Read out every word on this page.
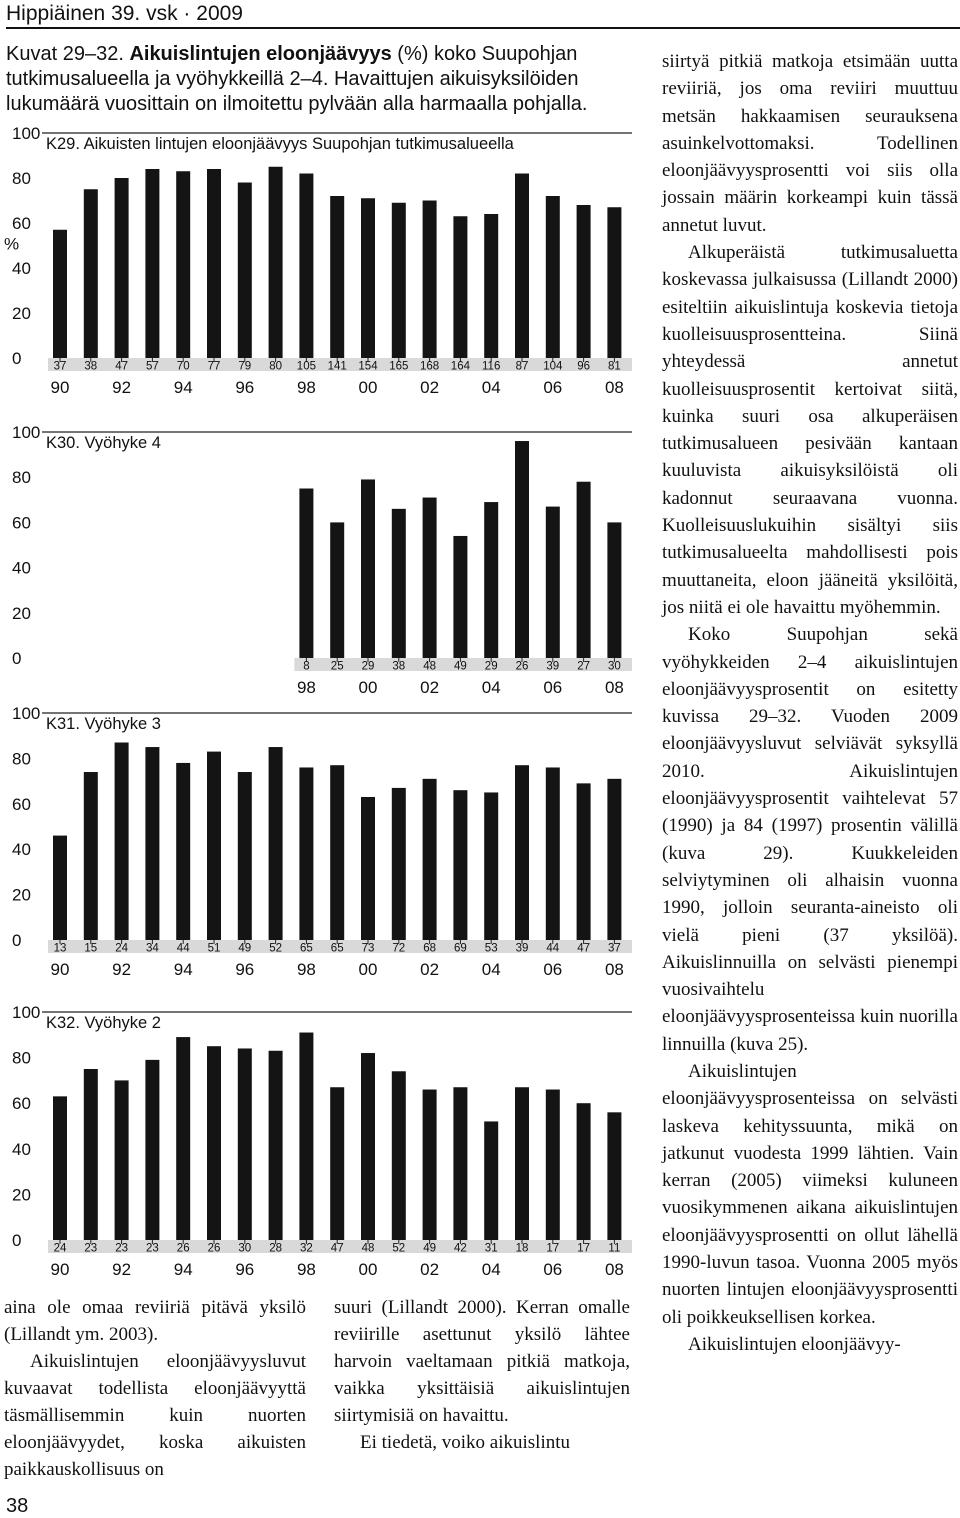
Hippiäinen 39. vsk · 2009
Kuvat 29–32. Aikuislintujen eloonjäävyys (%) koko Suupohjan tutkimusalueella ja vyöhykkeillä 2–4. Havaittujen aikuisyksilöiden lukumäärä vuosittain on ilmoitettu pylvään alla harmaalla pohjalla.
100
80
60
40
20
0
%
K29. Aikuisten lintujen eloonjäävyys Suupohjan tutkimusalueella
37 38 47 57 70 77 79 80 105 141 154 165 168 164 116 87 104 96 81
90	92	94	96	98	00	02	04	06	08
100
80
60
40
20
0
K30. Vyöhyke 4
8 25 29 38 48 49 29 26 39 27 30
98	00	02	04	06	08
100
80
60
40
20
0
K31. Vyöhyke 3
13 15 24 34 44 51 49 52 65 65 73 72 68 69 53 39 44 47 37
90	92	94	96	98	00	02	04	06	08
100
80
60
40
20
0
K32. Vyöhyke 2
24 23 23 23 26 26 30 28 32 47 48 52 49 42 31 18 17 17 11
90	92	94	96	98	00	02	04	06	08

aina ole omaa reviiriä pitävä yksilö (Lillandt ym. 2003).

Aikuislintujen eloonjäävyysluvut kuvaavat todellista eloonjäävyyttä täsmällisemmin kuin nuorten eloonjäävyydet, koska aikuisten paikkauskollisuus on

suuri (Lillandt 2000). Kerran omalle reviirille asettunut yksilö lähtee harvoin vaeltamaan pitkiä matkoja, vaikka yksittäisiä aikuislintujen siirtymisiä on havaittu.

Ei tiedetä, voiko aikuislintu

siirtyä pitkiä matkoja etsimään uutta reviiriä, jos oma reviiri muuttuu metsän hakkaamisen seurauksena asuinkelvottomaksi. Todellinen eloonjäävyysprosentti voi siis olla jossain määrin korkeampi kuin tässä annetut luvut.

Alkuperäistä tutkimusaluetta koskevassa julkaisussa (Lillandt 2000) esiteltiin aikuislintuja koskevia tietoja kuolleisuusprosentteina. Siinä yhteydessä annetut kuolleisuusprosentit kertoivat siitä, kuinka suuri osa alkuperäisen tutkimusalueen pesivään kantaan kuuluvista aikuisyksilöistä oli kadonnut seuraavana vuonna. Kuolleisuuslukuihin sisältyi siis tutkimusalueelta mahdollisesti pois muuttaneita, eloon jääneitä yksilöitä, jos niitä ei ole havaittu myöhemmin.

Koko Suupohjan sekä vyöhykkeiden 2–4 aikuislintujen eloonjäävyysprosentit on esitetty kuvissa 29–32. Vuoden 2009 eloonjäävyysluvut selviävät syksyllä 2010. Aikuislintujen eloonjäävyysprosentit vaihtelevat 57 (1990) ja 84 (1997) prosentin välillä (kuva 29). Kuukkeleiden selviytyminen oli alhaisin vuonna 1990, jolloin seuranta-aineisto oli vielä pieni (37 yksilöä). Aikuislinnuilla on selvästi pienempi vuosivaihtelu eloonjäävyysprosenteissa kuin nuorilla linnuilla (kuva 25).

Aikuislintujen eloonjäävyysprosenteissa on selvästi laskeva kehityssuunta, mikä on jatkunut vuodesta 1999 lähtien. Vain kerran (2005) viimeksi kuluneen vuosikymmenen aikana aikuislintujen eloonjäävyysprosentti on ollut lähellä 1990-luvun tasoa. Vuonna 2005 myös nuorten lintujen eloonjäävyysprosentti oli poikkeuksellisen korkea.

Aikuislintujen eloonjäävyy-

38
